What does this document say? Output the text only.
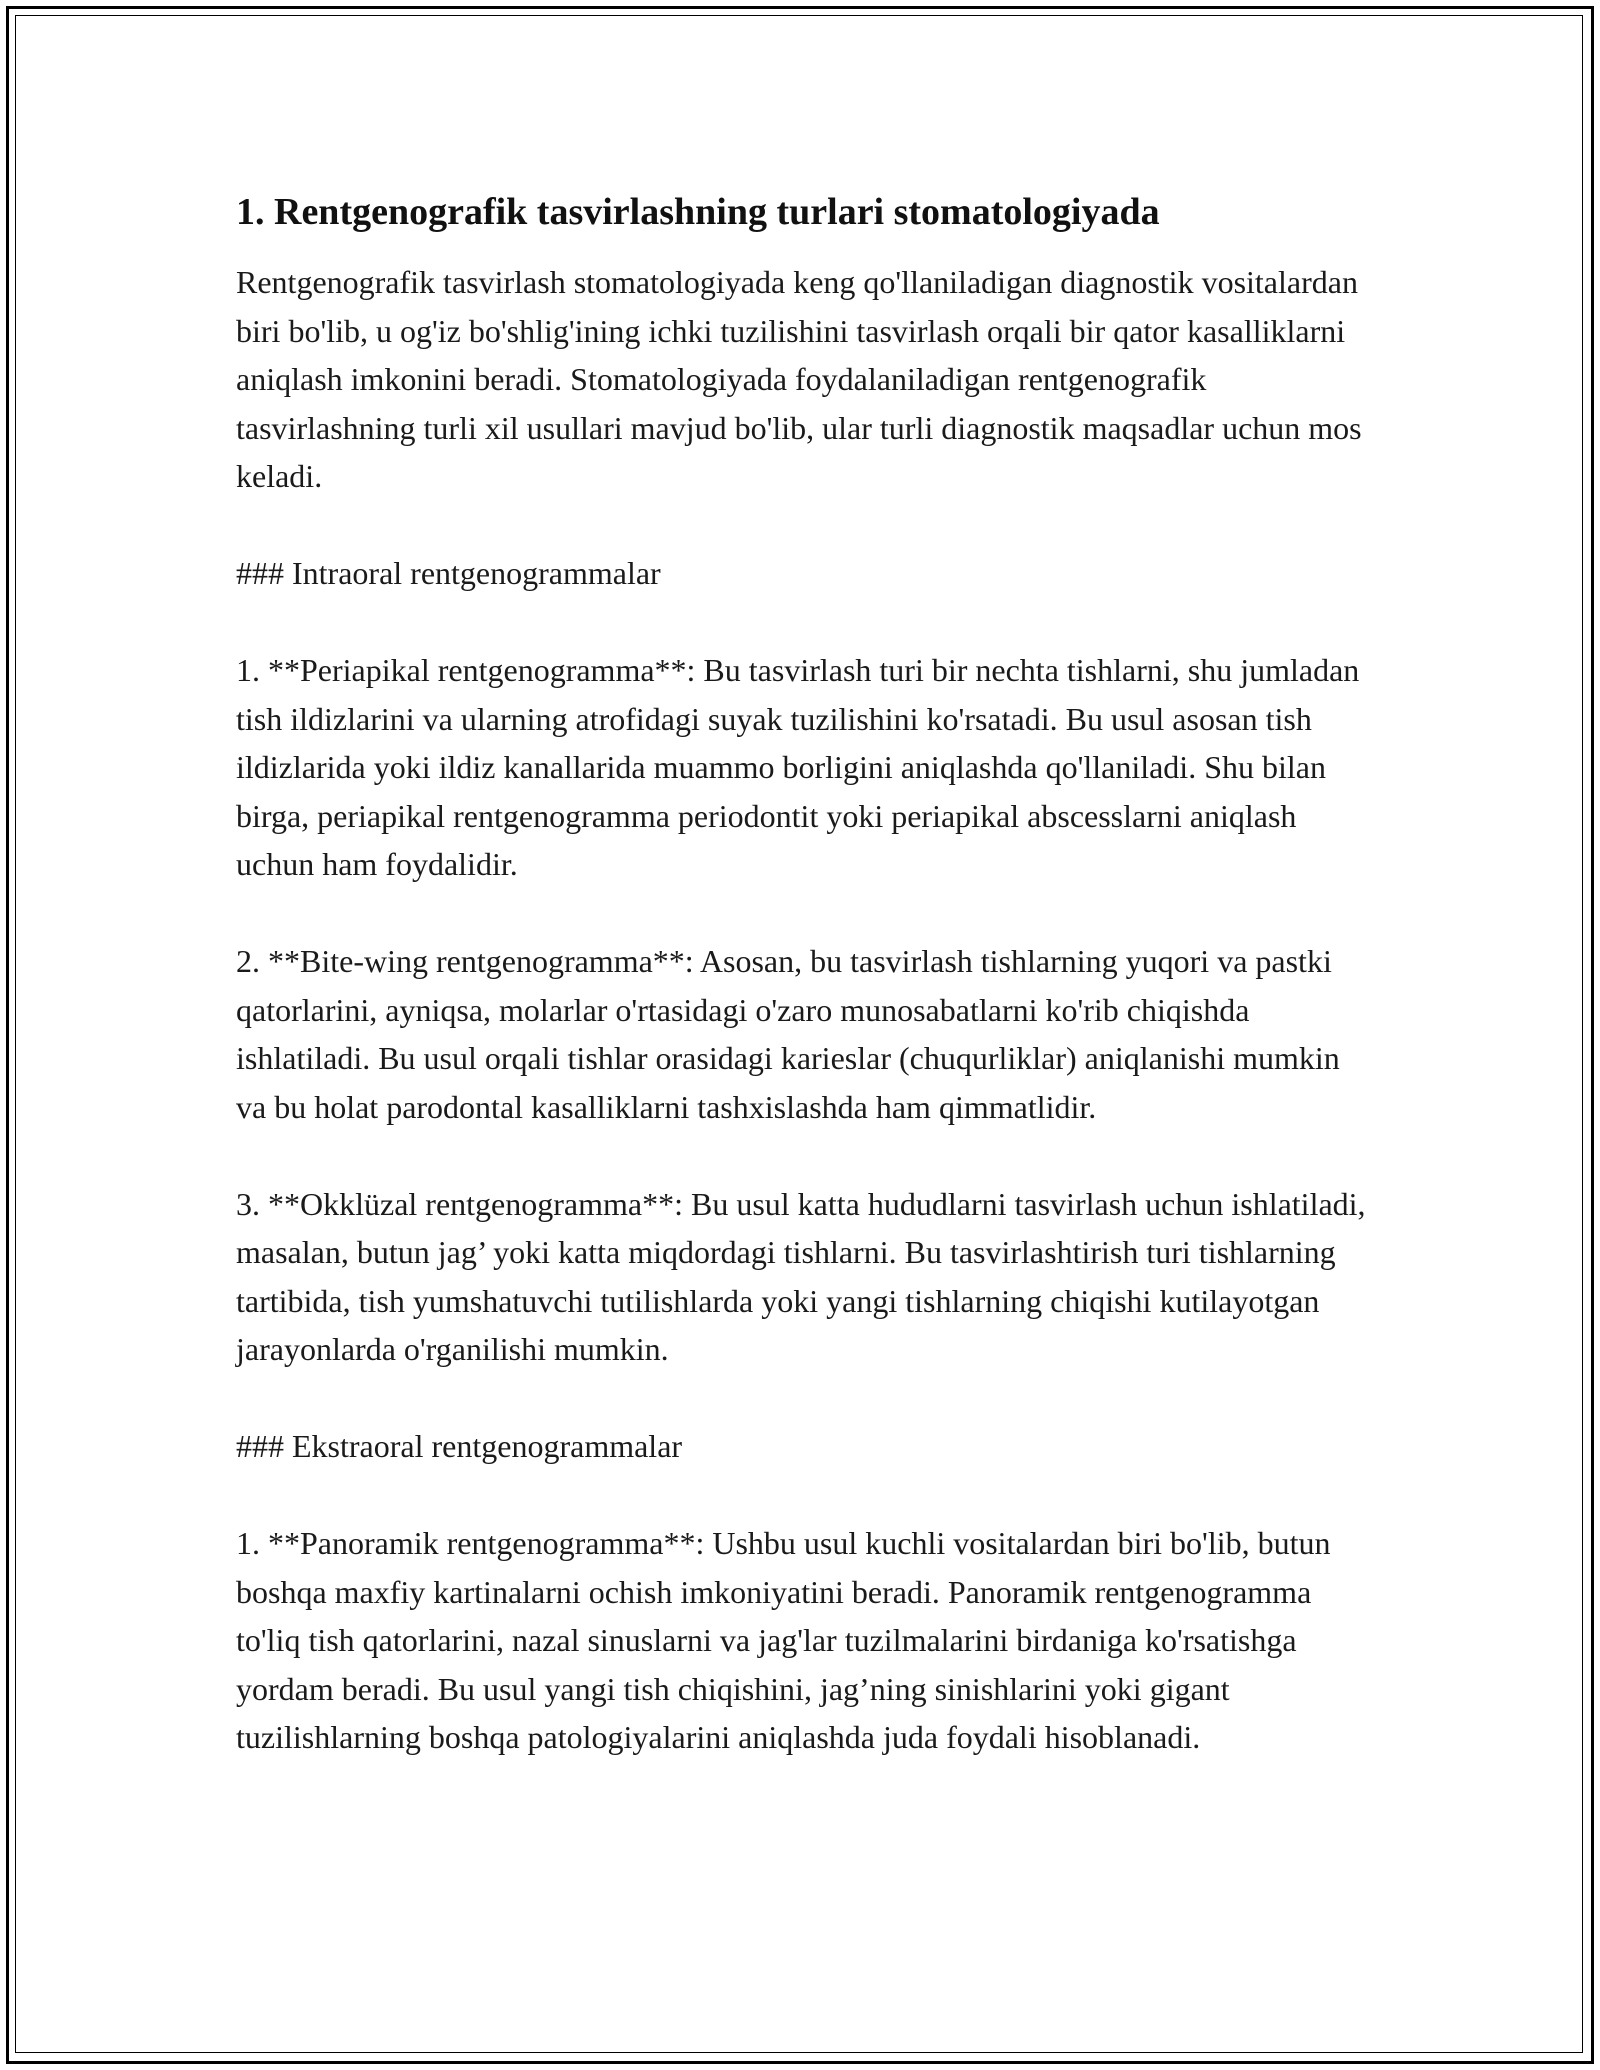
1. Rentgenografik tasvirlashning turlari stomatologiyada

Rentgenografik tasvirlash stomatologiyada keng qo'llaniladigan diagnostik vositalardan biri bo'lib, u og'iz bo'shlig'ining ichki tuzilishini tasvirlash orqali bir qator kasalliklarni aniqlash imkonini beradi. Stomatologiyada foydalaniladigan rentgenografik tasvirlashning turli xil usullari mavjud bo'lib, ular turli diagnostik maqsadlar uchun mos keladi.

### Intraoral rentgenogrammalar

1. **Periapikal rentgenogramma**: Bu tasvirlash turi bir nechta tishlarni, shu jumladan tish ildizlarini va ularning atrofidagi suyak tuzilishini ko'rsatadi. Bu usul asosan tish ildizlarida yoki ildiz kanallarida muammo borligini aniqlashda qo'llaniladi. Shu bilan birga, periapikal rentgenogramma periodontit yoki periapikal abscesslarni aniqlash uchun ham foydalidir.

2. **Bite-wing rentgenogramma**: Asosan, bu tasvirlash tishlarning yuqori va pastki qatorlarini, ayniqsa, molarlar o'rtasidagi o'zaro munosabatlarni ko'rib chiqishda ishlatiladi. Bu usul orqali tishlar orasidagi karieslar (chuqurliklar) aniqlanishi mumkin va bu holat parodontal kasalliklarni tashxislashda ham qimmatlidir.

3. **Okklüzal rentgenogramma**: Bu usul katta hududlarni tasvirlash uchun ishlatiladi, masalan, butun jag’ yoki katta miqdordagi tishlarni. Bu tasvirlashtirish turi tishlarning tartibida, tish yumshatuvchi tutilishlarda yoki yangi tishlarning chiqishi kutilayotgan jarayonlarda o'rganilishi mumkin.

### Ekstraoral rentgenogrammalar

1. **Panoramik rentgenogramma**: Ushbu usul kuchli vositalardan biri bo'lib, butun boshqa maxfiy kartinalarni ochish imkoniyatini beradi. Panoramik rentgenogramma to'liq tish qatorlarini, nazal sinuslarni va jag'lar tuzilmalarini birdaniga ko'rsatishga yordam beradi. Bu usul yangi tish chiqishini, jag’ning sinishlarini yoki gigant tuzilishlarning boshqa patologiyalarini aniqlashda juda foydali hisoblanadi.
